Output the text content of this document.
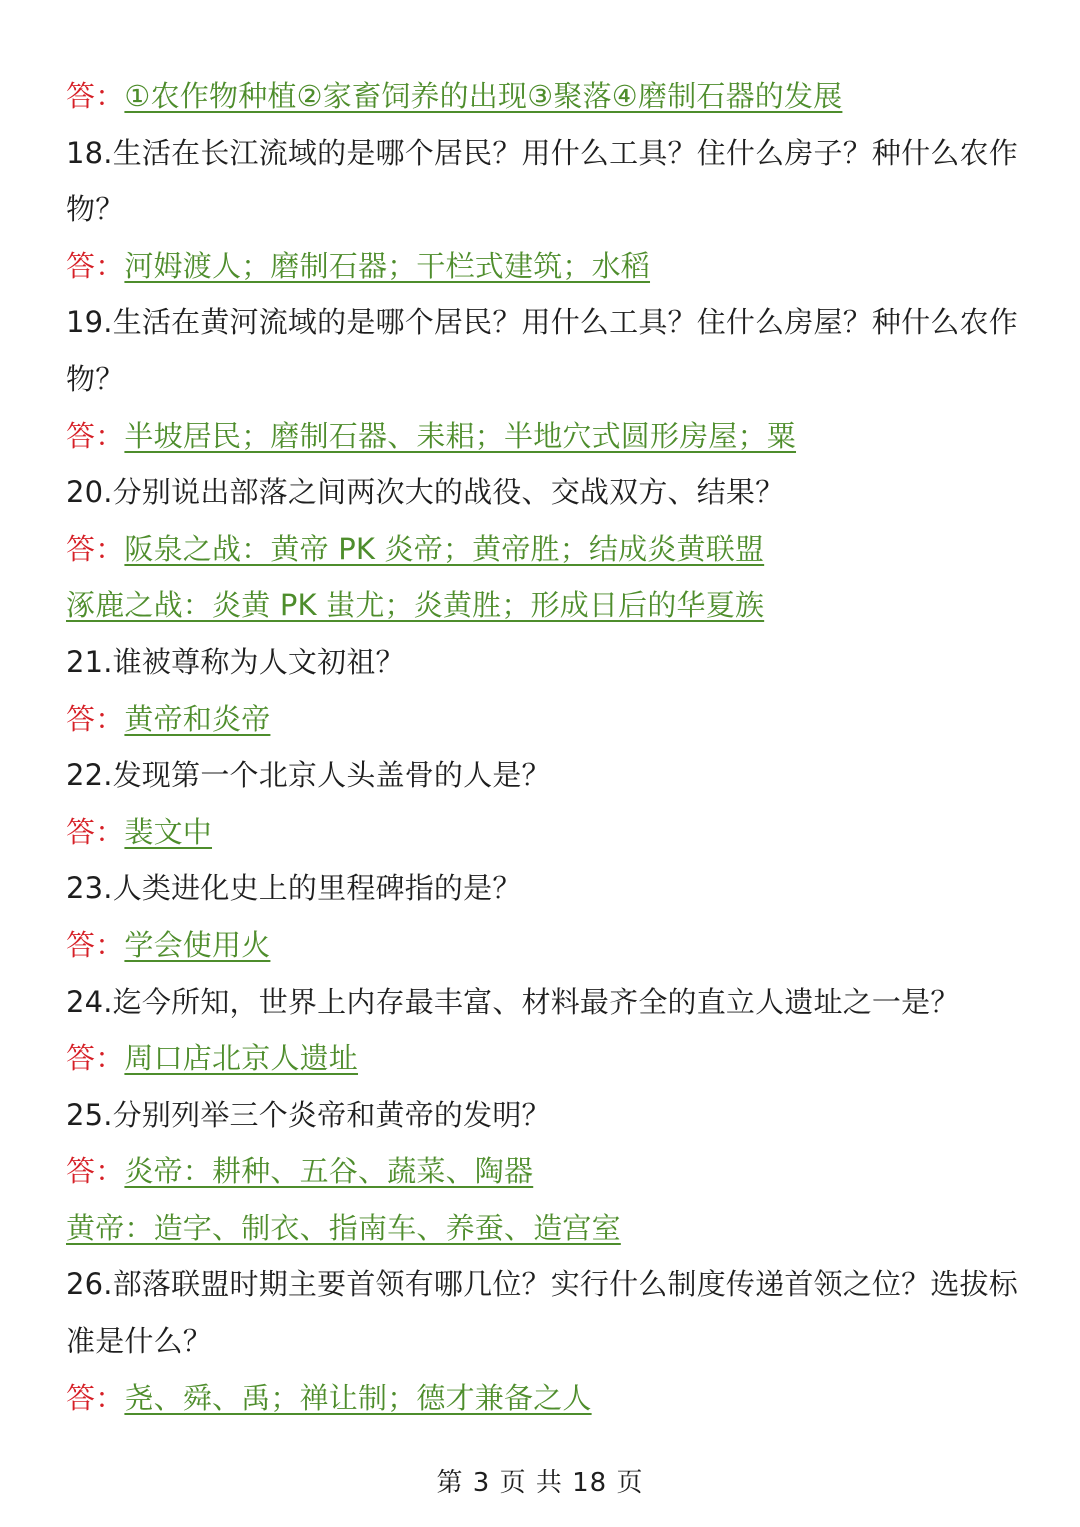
答：①农作物种植②家畜饲养的出现③聚落④磨制石器的发展
18.生活在长江流域的是哪个居民？用什么工具？住什么房子？种什么农作
物？
答：河姆渡人；磨制石器；干栏式建筑；水稻
19.生活在黄河流域的是哪个居民？用什么工具？住什么房屋？种什么农作
物？
答：半坡居民；磨制石器、耒耜；半地穴式圆形房屋；粟
20.分别说出部落之间两次大的战役、交战双方、结果？
答：阪泉之战：黄帝 PK 炎帝；黄帝胜；结成炎黄联盟
涿鹿之战：炎黄 PK 蚩尤；炎黄胜；形成日后的华夏族
21.谁被尊称为人文初祖？
答：黄帝和炎帝
22.发现第一个北京人头盖骨的人是？
答：裴文中
23.人类进化史上的里程碑指的是？
答：学会使用火
24.迄今所知，世界上内存最丰富、材料最齐全的直立人遗址之一是？
答：周口店北京人遗址
25.分别列举三个炎帝和黄帝的发明？
答：炎帝：耕种、五谷、蔬菜、陶器
黄帝：造字、制衣、指南车、养蚕、造宫室
26.部落联盟时期主要首领有哪几位？实行什么制度传递首领之位？选拔标
准是什么？
答：尧、舜、禹；禅让制；德才兼备之人
第 3 页 共 18 页
